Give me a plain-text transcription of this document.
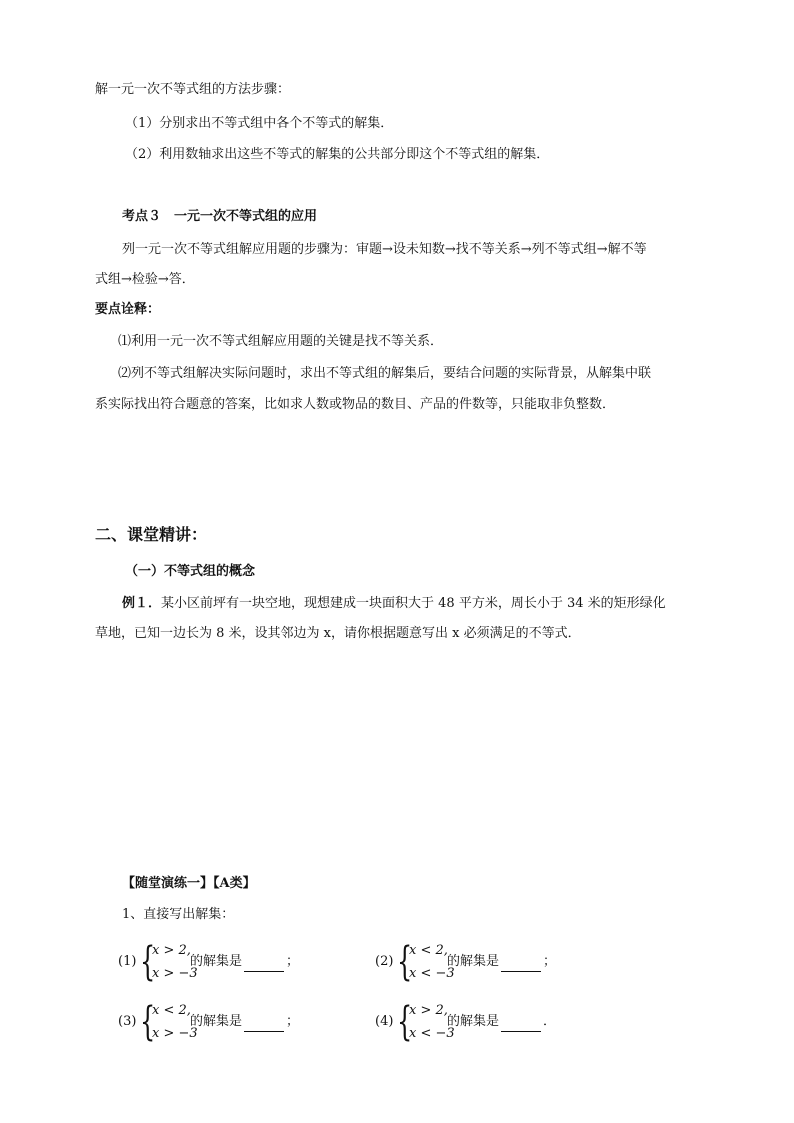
解一元一次不等式组的方法步骤：
（1）分别求出不等式组中各个不等式的解集．
（2）利用数轴求出这些不等式的解集的公共部分即这个不等式组的解集．
考点３　一元一次不等式组的应用
列一元一次不等式组解应用题的步骤为：审题→设未知数→找不等关系→列不等式组→解不等
式组→检验→答．
要点诠释：
⑴利用一元一次不等式组解应用题的关键是找不等关系．
⑵列不等式组解决实际问题时，求出不等式组的解集后，要结合问题的实际背景，从解集中联
系实际找出符合题意的答案，比如求人数或物品的数目、产品的件数等，只能取非负整数．
二、课堂精讲：
（一）不等式组的概念
例１．某小区前坪有一块空地，现想建成一块面积大于 48 平方米，周长小于 34 米的矩形绿化
草地，已知一边长为 8 米，设其邻边为 x，请你根据题意写出 x 必须满足的不等式．
【随堂演练一】【A类】
1、直接写出解集：
(1) {
x > 2,
x > −3
的解集是	；	(2) {
x < 2,
x < −3
的解集是	；
(3) {
x < 2,
x > −3
的解集是	；	(4) {
x > 2,
x < −3
的解集是	．
